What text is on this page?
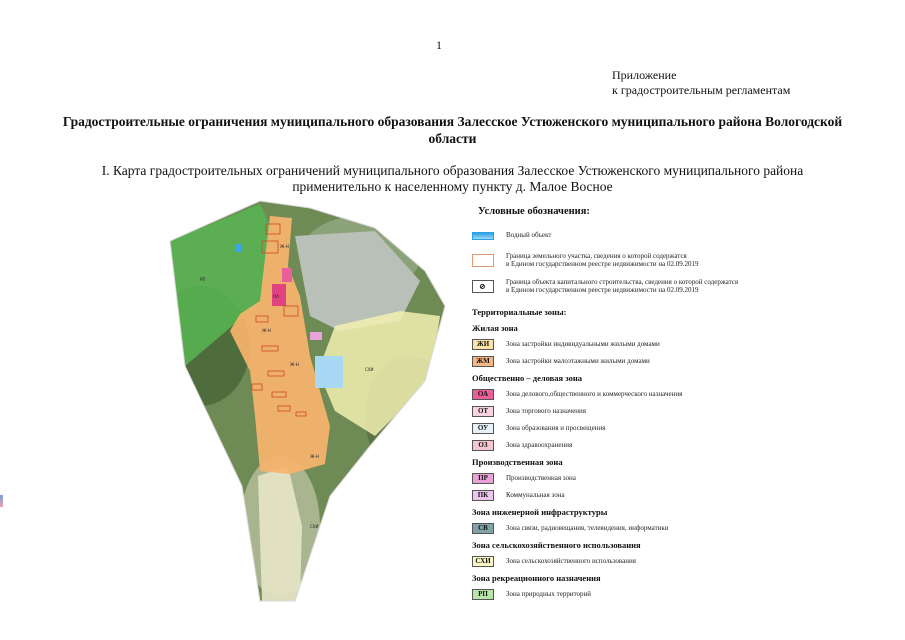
1
Приложение
к градостроительным регламентам
Градостроительные ограничения муниципального образования Залесское Устюженского муниципального района Вологодской области
I. Карта градостроительных ограничений муниципального образования Залесское Устюженского муниципального района
применительно к населенному пункту д. Малое Восное
Ж-Н
Ж-Н
Ж-Н
Ж-Н
СХИ
СХИ
РП
ОА
Условные обозначения:
Водный объект
Граница земельного участка, сведения о которой содержатся
в Едином государственном реестре недвижимости на 02.09.2019
⊘	Граница объекта капитального строительства, сведения о которой содержатся
в Едином государственном реестре недвижимости на 02.09.2019
Территориальные зоны:
Жилая зона
ЖИ	Зона застройки индивидуальными жилыми домами
ЖМ	Зона застройки малоэтажными жилыми домами
Общественно – деловая зона
ОА	Зона делового,общественного и коммерческого назначения
ОТ	Зона торгового назначения
ОУ	Зона образования и просвещения
ОЗ	Зона здравоохранения
Производственная зона
ПР	Производственная зона
ПК	Коммунальная зона
Зона инженерной инфраструктуры
СВ	Зона связи, радиовещания, телевидения, информатики
Зона сельскохозяйственного использования
СХИ	Зона сельскохозяйственного использования
Зона рекреационного назначения
РП	Зона природных территорий
